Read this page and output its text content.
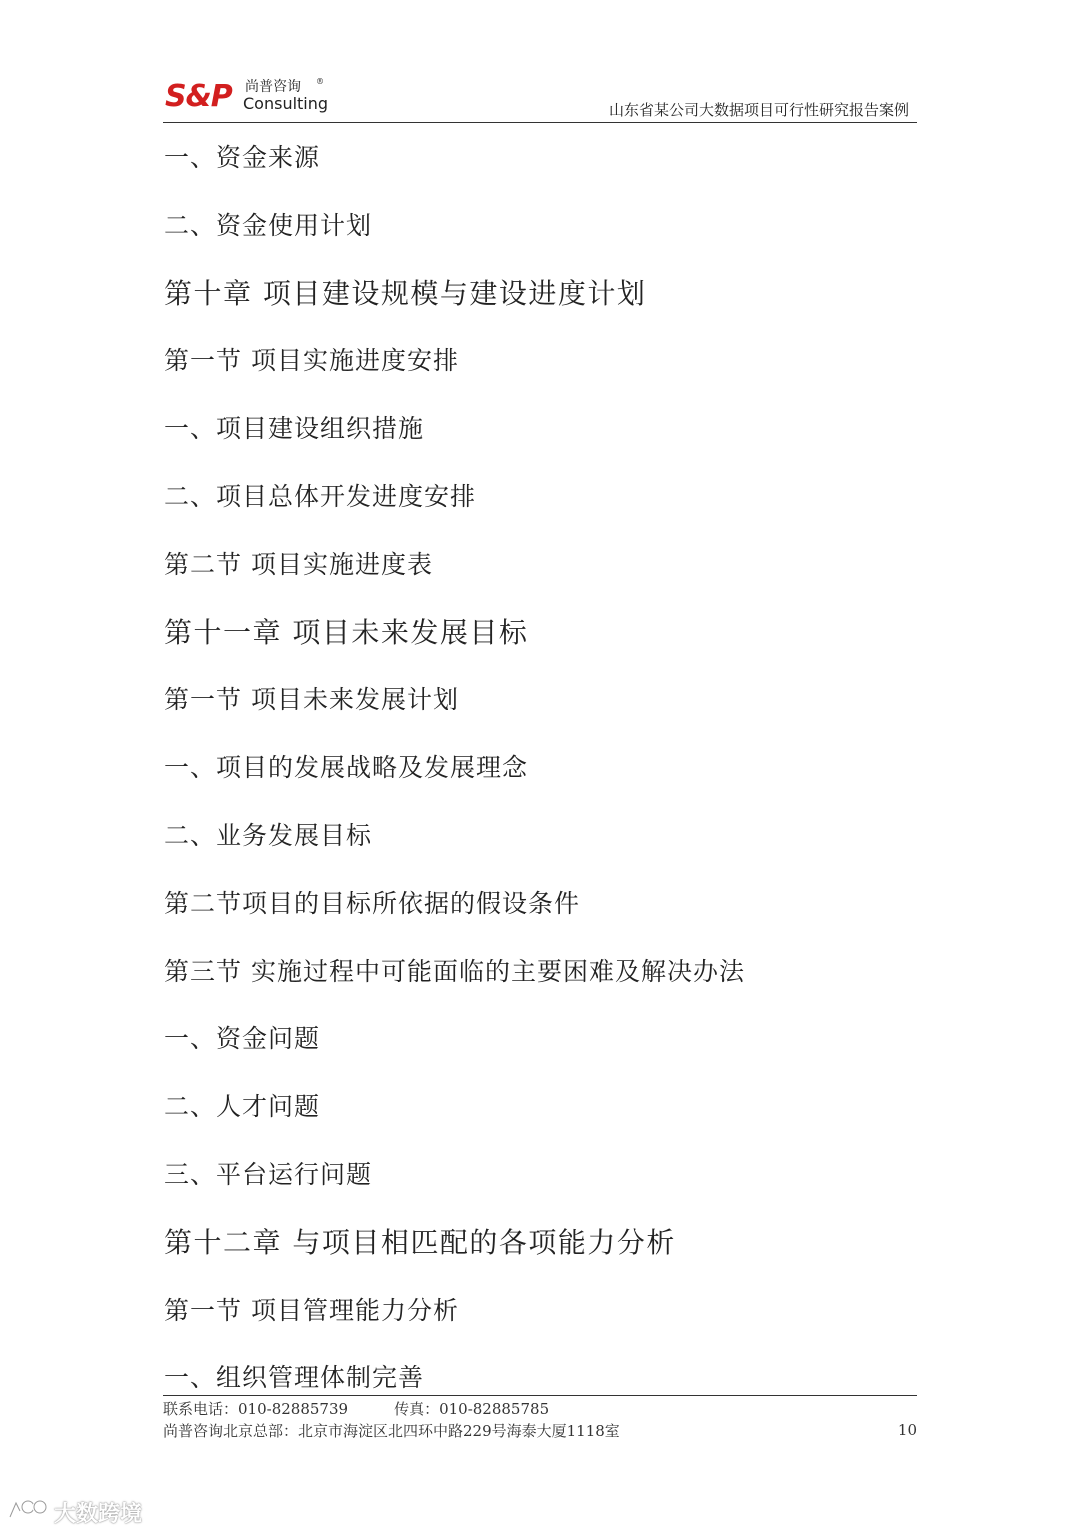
S&P 尚普咨询 ®
Consulting	山东省某公司大数据项目可行性研究报告案例
一、资金来源
二、资金使用计划
第十章 项目建设规模与建设进度计划
第一节 项目实施进度安排
一、项目建设组织措施
二、项目总体开发进度安排
第二节 项目实施进度表
第十一章 项目未来发展目标
第一节 项目未来发展计划
一、项目的发展战略及发展理念
二、业务发展目标
第二节项目的目标所依据的假设条件
第三节 实施过程中可能面临的主要困难及解决办法
一、资金问题
二、人才问题
三、平台运行问题
第十二章 与项目相匹配的各项能力分析
第一节 项目管理能力分析
一、组织管理体制完善
联系电话：010-82885739	传真：010-82885785
尚普咨询北京总部：北京市海淀区北四环中路229号海泰大厦1118室	10
大数跨境
